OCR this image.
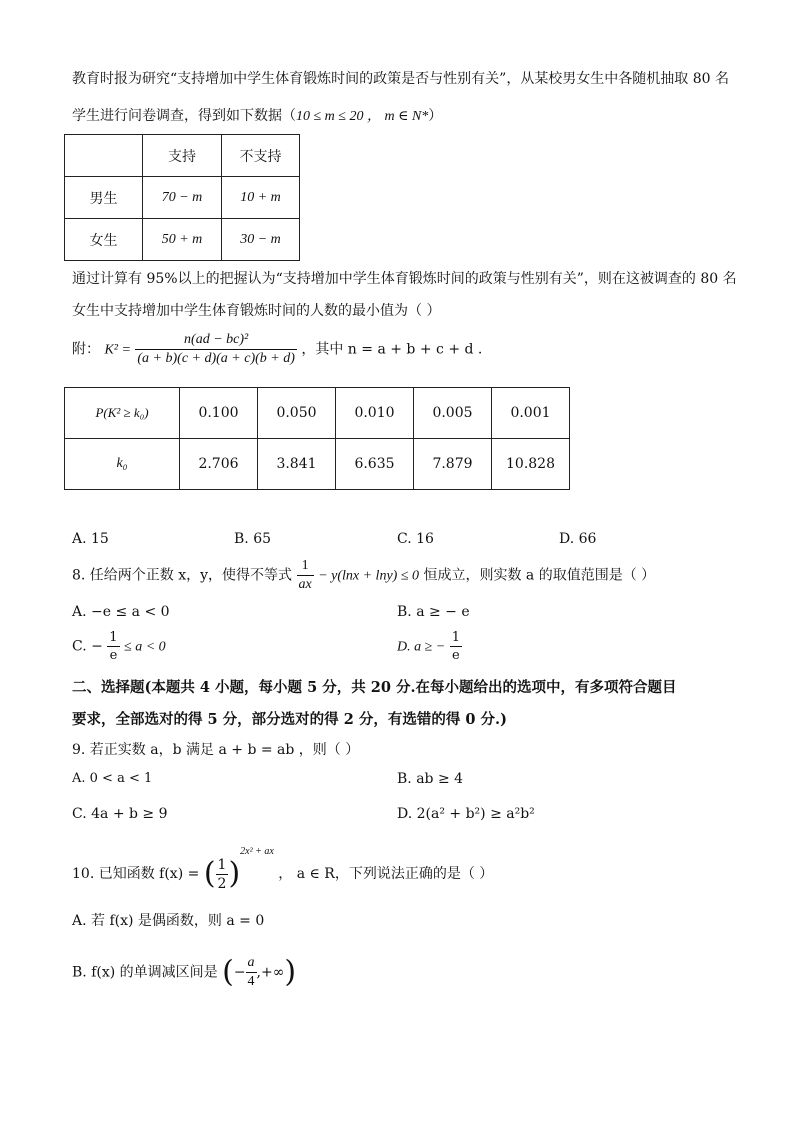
教育时报为研究“支持增加中学生体育锻炼时间的政策是否与性别有关”，从某校男女生中各随机抽取 80 名
学生进行问卷调查，得到如下数据（10 ≤ m ≤ 20 ， m ∈ N*）
	支持	不支持
男生	70 − m	10 + m
女生	50 + m	30 − m
通过计算有 95%以上的把握认为“支持增加中学生体育锻炼时间的政策与性别有关”，则在这被调查的 80 名
女生中支持增加中学生体育锻炼时间的人数的最小值为（ ）
附： $K^2 = \frac{\text{n(ad − bc)²}}{(a + b)(c + d)(a + c)(b + d)}$ ，其中 n = a + b + c + d .
P(K² ≥ k₀)	0.100	0.050	0.010	0.005	0.001
k₀	2.706	3.841	6.635	7.879	10.828
A. 15	B. 65	C. 16	D. 66
8. 任给两个正数 x，y，使得不等式 $\frac{1}{ax} - y(\ln x + \ln y) \le 0$ 恒成立，则实数 a 的取值范围是（ ）
A. −e ≤ a < 0	B. a ≥ − e
C. − $\frac{1}{e} \le a < 0$	D. a ≥ − $\frac{1}{e}$
二、选择题(本题共 4 小题，每小题 5 分，共 20 分.在每小题给出的选项中，有多项符合题目
要求，全部选对的得 5 分，部分选对的得 2 分，有选错的得 0 分.)
9. 若正实数 a，b 满足 a + b = ab ，则（ ）
A. 0 < a < 1	B. ab ≥ 4
C. 4a + b ≥ 9	D. 2(a² + b²) ≥ a²b²
10. 已知函数 f(x) = ( $\frac{1}{2} )^{2x^2 + ax}$ ， a ∈ R，下列说法正确的是（ ）
A. 若 f(x) 是偶函数，则 a = 0
B. f(x) 的单调减区间是 (− $\frac{a}{4}$ ,+∞)
